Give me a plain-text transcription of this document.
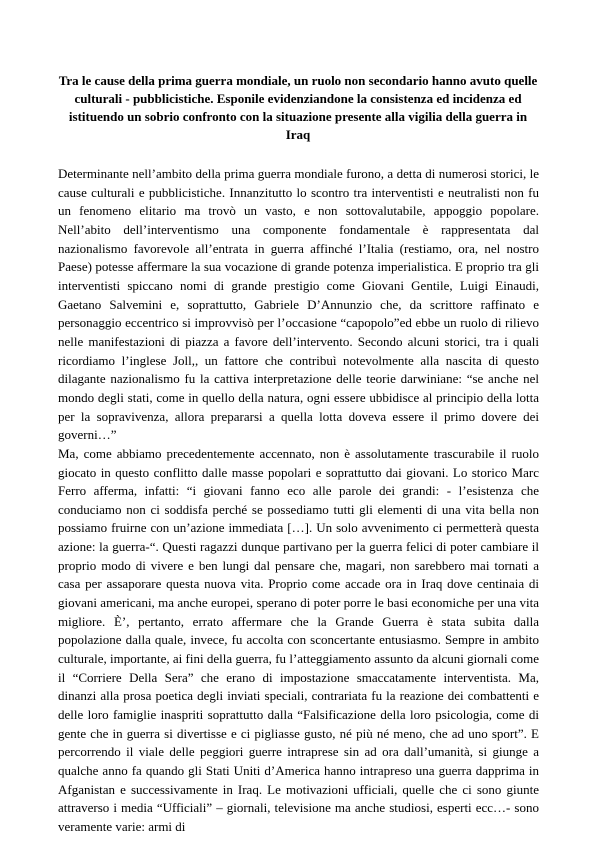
Tra le cause della prima guerra mondiale, un ruolo non secondario hanno avuto quelle culturali - pubblicistiche. Esponile evidenziandone la consistenza ed incidenza ed istituendo un sobrio confronto con la situazione presente alla vigilia della guerra in Iraq

Determinante nell’ambito della prima guerra mondiale furono, a detta di numerosi storici, le cause culturali e pubblicistiche. Innanzitutto lo scontro tra interventisti e neutralisti non fu un fenomeno elitario ma trovò un vasto, e non sottovalutabile, appoggio popolare. Nell’abito dell’interventismo una componente fondamentale è rappresentata dal nazionalismo favorevole all’entrata in guerra affinché l’Italia (restiamo, ora, nel nostro Paese) potesse affermare la sua vocazione di grande potenza imperialistica. E proprio tra gli interventisti spiccano nomi di grande prestigio come Giovani Gentile, Luigi Einaudi, Gaetano Salvemini e, soprattutto, Gabriele D’Annunzio che, da scrittore raffinato e personaggio eccentrico si improvvisò per l’occasione “capopolo”ed ebbe un ruolo di rilievo nelle manifestazioni di piazza a favore dell’intervento. Secondo alcuni storici, tra i quali ricordiamo l’inglese Joll,, un fattore che contribuì notevolmente alla nascita di questo dilagante nazionalismo fu la cattiva interpretazione delle teorie darwiniane: “se anche nel mondo degli stati, come in quello della natura, ogni essere ubbidisce al principio della lotta per la sopravivenza, allora prepararsi a quella lotta doveva essere il primo dovere dei governi…”

Ma, come abbiamo precedentemente accennato, non è assolutamente trascurabile il ruolo giocato in questo conflitto dalle masse popolari e soprattutto dai giovani. Lo storico Marc Ferro afferma, infatti: “i giovani fanno eco alle parole dei grandi: - l’esistenza che conduciamo non ci soddisfa perché se possediamo tutti gli elementi di una vita bella non possiamo fruirne con un’azione immediata […]. Un solo avvenimento ci permetterà questa azione: la guerra-“. Questi ragazzi dunque partivano per la guerra felici di poter cambiare il proprio modo di vivere e ben lungi dal pensare che, magari, non sarebbero mai tornati a casa per assaporare questa nuova vita. Proprio come accade ora in Iraq dove centinaia di giovani americani, ma anche europei, sperano di poter porre le basi economiche per una vita migliore. È’, pertanto, errato affermare che la Grande Guerra è stata subita dalla popolazione dalla quale, invece, fu accolta con sconcertante entusiasmo. Sempre in ambito culturale, importante, ai fini della guerra, fu l’atteggiamento assunto da alcuni giornali come il “Corriere Della Sera” che erano di impostazione smaccatamente interventista. Ma, dinanzi alla prosa poetica degli inviati speciali, contrariata fu la reazione dei combattenti e delle loro famiglie inaspriti soprattutto dalla “Falsificazione della loro psicologia, come di gente che in guerra si divertisse e ci pigliasse gusto, né più né meno, che ad uno sport”. E percorrendo il viale delle peggiori guerre intraprese sin ad ora dall’umanità, si giunge a qualche anno fa quando gli Stati Uniti d’America hanno intrapreso una guerra dapprima in Afganistan e successivamente in Iraq. Le motivazioni ufficiali, quelle che ci sono giunte attraverso i media “Ufficiali” – giornali, televisione ma anche studiosi, esperti ecc…- sono veramente varie: armi di
